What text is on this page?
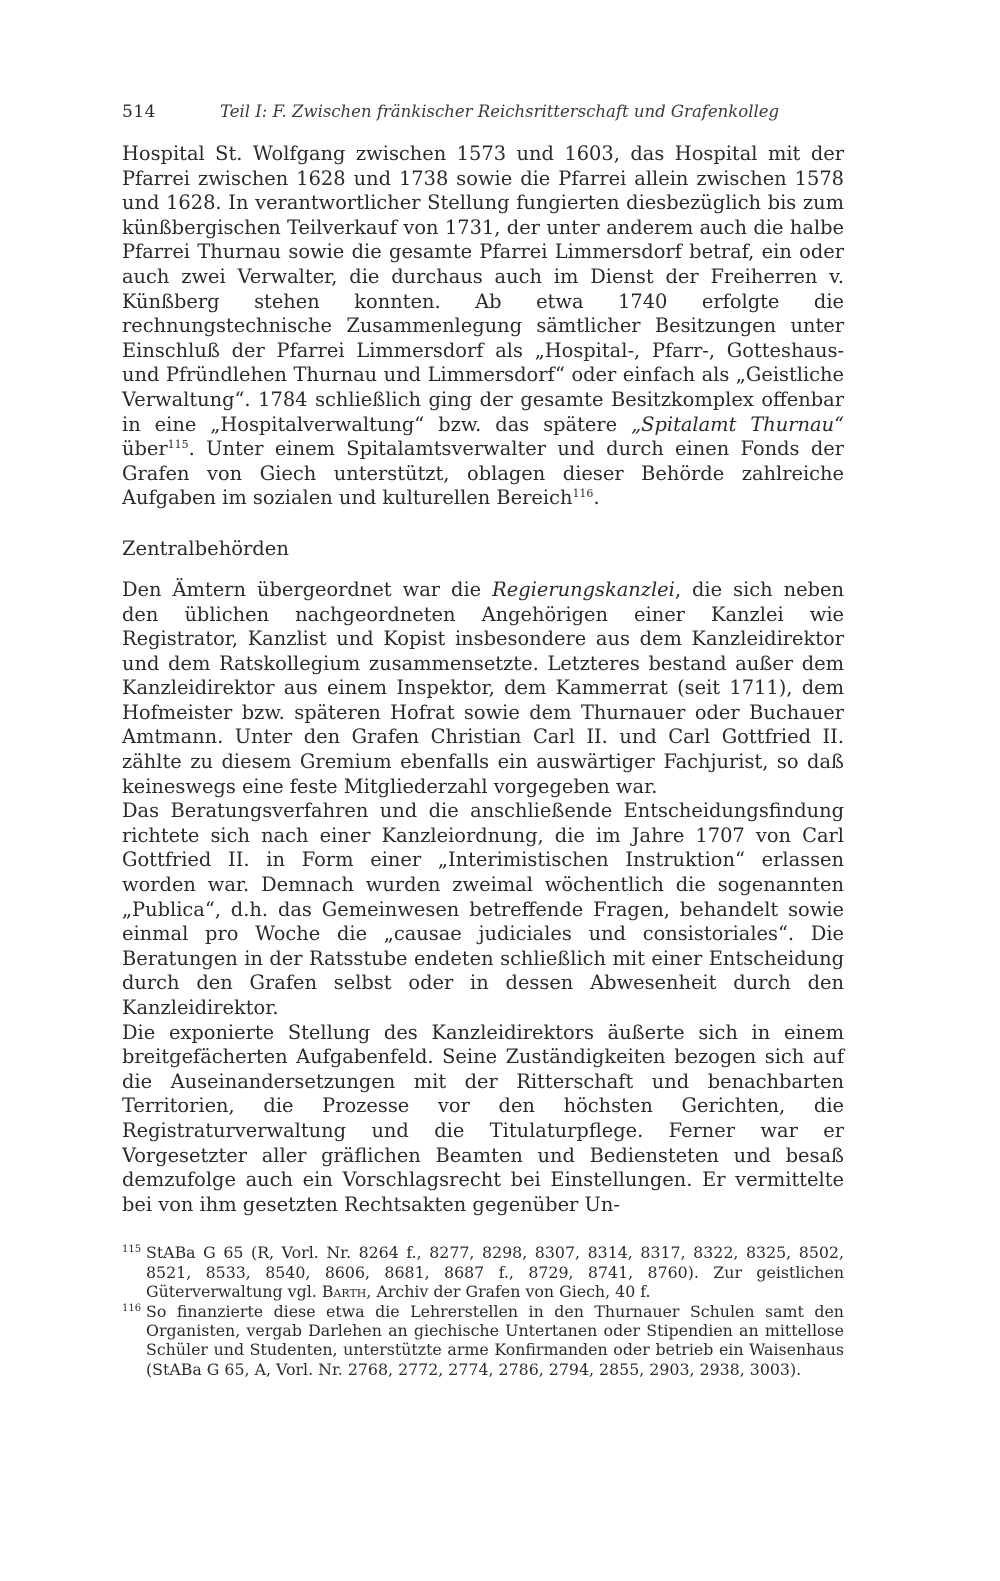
514	Teil I: F. Zwischen fränkischer Reichsritterschaft und Grafenkolleg

Hospital St. Wolfgang zwischen 1573 und 1603, das Hospital mit der Pfarrei zwischen 1628 und 1738 sowie die Pfarrei allein zwischen 1578 und 1628. In verantwortlicher Stellung fungierten diesbezüglich bis zum künßbergischen Teilverkauf von 1731, der unter anderem auch die halbe Pfarrei Thurnau sowie die gesamte Pfarrei Limmersdorf betraf, ein oder auch zwei Verwalter, die durchaus auch im Dienst der Freiherren v. Künßberg stehen konnten. Ab etwa 1740 erfolgte die rechnungstechnische Zusammenlegung sämtlicher Besitzungen unter Einschluß der Pfarrei Limmersdorf als „Hospital-, Pfarr-, Gotteshaus- und Pfründlehen Thurnau und Limmersdorf“ oder einfach als „Geistliche Verwaltung“. 1784 schließlich ging der gesamte Besitzkomplex offenbar in eine „Hospitalverwaltung“ bzw. das spätere „Spitalamt Thurnau“ über$^{115}$. Unter einem Spitalamtsverwalter und durch einen Fonds der Grafen von Giech unterstützt, oblagen dieser Behörde zahlreiche Aufgaben im sozialen und kulturellen Bereich$^{116}$.

Zentralbehörden

Den Ämtern übergeordnet war die Regierungskanzlei, die sich neben den üblichen nachgeordneten Angehörigen einer Kanzlei wie Registrator, Kanzlist und Kopist insbesondere aus dem Kanzleidirektor und dem Ratskollegium zusammensetzte. Letzteres bestand außer dem Kanzleidirektor aus einem Inspektor, dem Kammerrat (seit 1711), dem Hofmeister bzw. späteren Hofrat sowie dem Thurnauer oder Buchauer Amtmann. Unter den Grafen Christian Carl II. und Carl Gottfried II. zählte zu diesem Gremium ebenfalls ein auswärtiger Fachjurist, so daß keineswegs eine feste Mitgliederzahl vorgegeben war.

Das Beratungsverfahren und die anschließende Entscheidungsfindung richtete sich nach einer Kanzleiordnung, die im Jahre 1707 von Carl Gottfried II. in Form einer „Interimistischen Instruktion“ erlassen worden war. Demnach wurden zweimal wöchentlich die sogenannten „Publica“, d.h. das Gemeinwesen betreffende Fragen, behandelt sowie einmal pro Woche die „causae judiciales und consistoriales“. Die Beratungen in der Ratsstube endeten schließlich mit einer Entscheidung durch den Grafen selbst oder in dessen Abwesenheit durch den Kanzleidirektor.

Die exponierte Stellung des Kanzleidirektors äußerte sich in einem breitgefächerten Aufgabenfeld. Seine Zuständigkeiten bezogen sich auf die Auseinandersetzungen mit der Ritterschaft und benachbarten Territorien, die Prozesse vor den höchsten Gerichten, die Registraturverwaltung und die Titulaturpflege. Ferner war er Vorgesetzter aller gräflichen Beamten und Bediensteten und besaß demzufolge auch ein Vorschlagsrecht bei Einstellungen. Er vermittelte bei von ihm gesetzten Rechtsakten gegenüber Un-

115 StABa G 65 (R, Vorl. Nr. 8264 f., 8277, 8298, 8307, 8314, 8317, 8322, 8325, 8502, 8521, 8533, 8540, 8606, 8681, 8687 f., 8729, 8741, 8760). Zur geistlichen Güterverwaltung vgl. Barth, Archiv der Grafen von Giech, 40 f.
116 So finanzierte diese etwa die Lehrerstellen in den Thurnauer Schulen samt den Organisten, vergab Darlehen an giechische Untertanen oder Stipendien an mittellose Schüler und Studenten, unterstützte arme Konfirmanden oder betrieb ein Waisenhaus (StABa G 65, A, Vorl. Nr. 2768, 2772, 2774, 2786, 2794, 2855, 2903, 2938, 3003).
